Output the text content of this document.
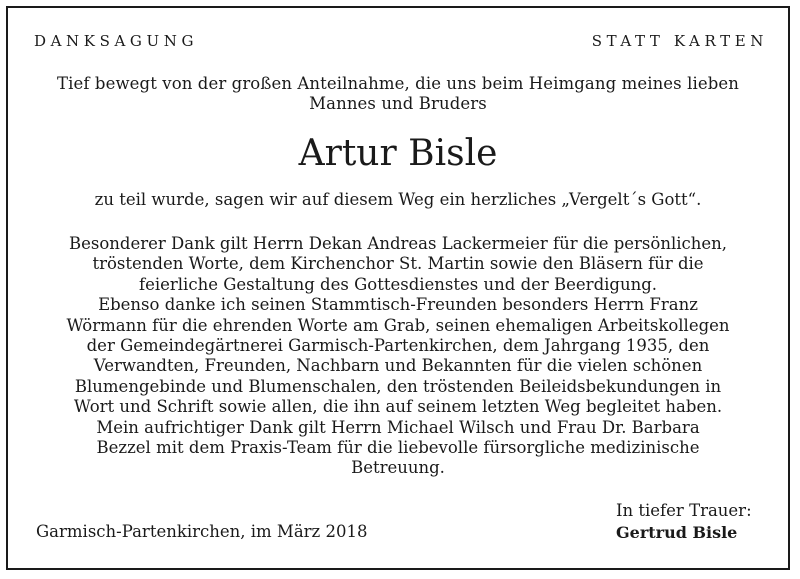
DANKSAGUNG	STATT KARTEN
Tief bewegt von der großen Anteilnahme, die uns beim Heimgang meines lieben
Mannes und Bruders
Artur Bisle
zu teil wurde, sagen wir auf diesem Weg ein herzliches „Vergelt´s Gott“.
Besonderer Dank gilt Herrn Dekan Andreas Lackermeier für die persönlichen,
tröstenden Worte, dem Kirchenchor St. Martin sowie den Bläsern für die
feierliche Gestaltung des Gottesdienstes und der Beerdigung.
Ebenso danke ich seinen Stammtisch-Freunden besonders Herrn Franz
Wörmann für die ehrenden Worte am Grab, seinen ehemaligen Arbeitskollegen
der Gemeindegärtnerei Garmisch-Partenkirchen, dem Jahrgang 1935, den
Verwandten, Freunden, Nachbarn und Bekannten für die vielen schönen
Blumengebinde und Blumenschalen, den tröstenden Beileidsbekundungen in
Wort und Schrift sowie allen, die ihn auf seinem letzten Weg begleitet haben.
Mein aufrichtiger Dank gilt Herrn Michael Wilsch und Frau Dr. Barbara
Bezzel mit dem Praxis-Team für die liebevolle fürsorgliche medizinische
Betreuung.
Garmisch-Partenkirchen, im März 2018
In tiefer Trauer:
Gertrud Bisle
